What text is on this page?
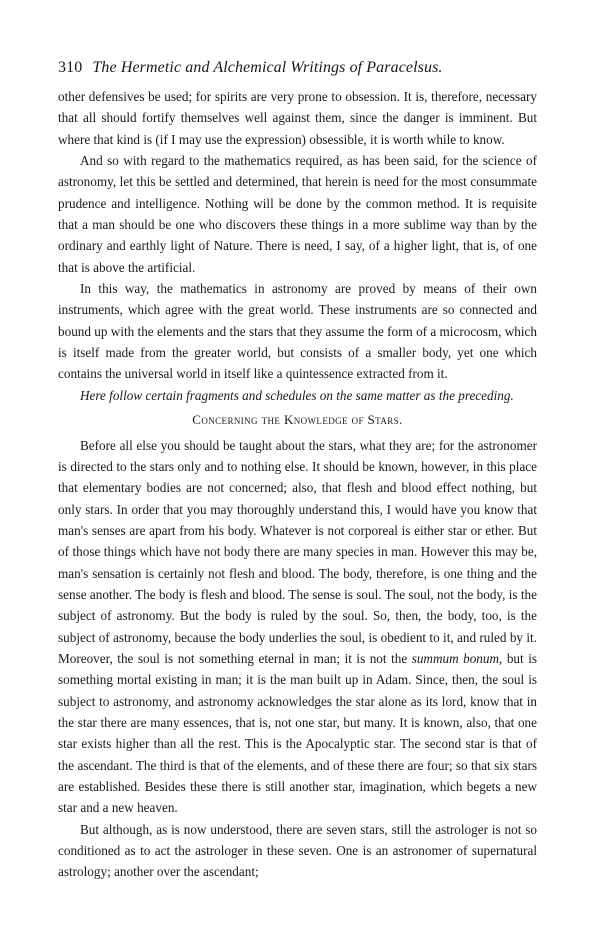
310 The Hermetic and Alchemical Writings of Paracelsus.

other defensives be used; for spirits are very prone to obsession. It is, therefore, necessary that all should fortify themselves well against them, since the danger is imminent. But where that kind is (if I may use the expression) obsessible, it is worth while to know.

And so with regard to the mathematics required, as has been said, for the science of astronomy, let this be settled and determined, that herein is need for the most consummate prudence and intelligence. Nothing will be done by the common method. It is requisite that a man should be one who discovers these things in a more sublime way than by the ordinary and earthly light of Nature. There is need, I say, of a higher light, that is, of one that is above the artificial.

In this way, the mathematics in astronomy are proved by means of their own instruments, which agree with the great world. These instruments are so connected and bound up with the elements and the stars that they assume the form of a microcosm, which is itself made from the greater world, but consists of a smaller body, yet one which contains the universal world in itself like a quintessence extracted from it.

Here follow certain fragments and schedules on the same matter as the preceding.

Concerning the Knowledge of Stars.

Before all else you should be taught about the stars, what they are; for the astronomer is directed to the stars only and to nothing else. It should be known, however, in this place that elementary bodies are not concerned; also, that flesh and blood effect nothing, but only stars. In order that you may thoroughly understand this, I would have you know that man's senses are apart from his body. Whatever is not corporeal is either star or ether. But of those things which have not body there are many species in man. However this may be, man's sensation is certainly not flesh and blood. The body, therefore, is one thing and the sense another. The body is flesh and blood. The sense is soul. The soul, not the body, is the subject of astronomy. But the body is ruled by the soul. So, then, the body, too, is the subject of astronomy, because the body underlies the soul, is obedient to it, and ruled by it. Moreover, the soul is not something eternal in man; it is not the summum bonum, but is something mortal existing in man; it is the man built up in Adam. Since, then, the soul is subject to astronomy, and astronomy acknowledges the star alone as its lord, know that in the star there are many essences, that is, not one star, but many. It is known, also, that one star exists higher than all the rest. This is the Apocalyptic star. The second star is that of the ascendant. The third is that of the elements, and of these there are four; so that six stars are established. Besides these there is still another star, imagination, which begets a new star and a new heaven.

But although, as is now understood, there are seven stars, still the astrologer is not so conditioned as to act the astrologer in these seven. One is an astronomer of supernatural astrology; another over the ascendant;
